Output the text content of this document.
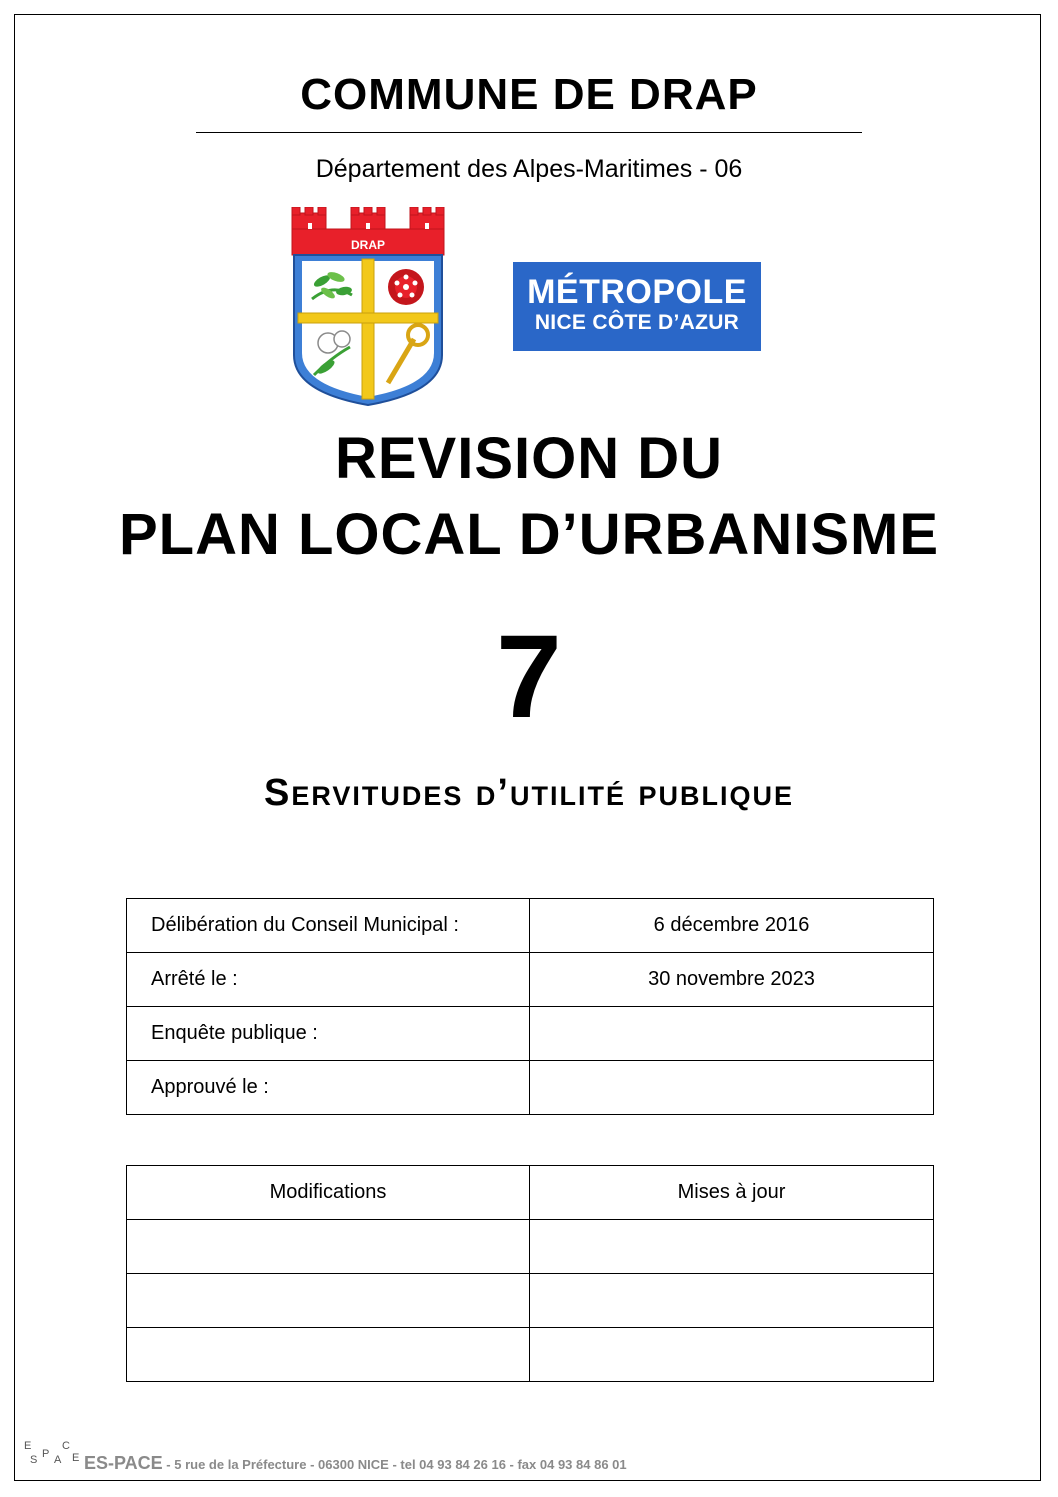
COMMUNE DE DRAP
Département des Alpes-Maritimes - 06
DRAP
MÉTROPOLE
NICE CÔTE D’AZUR
REVISION DU
PLAN LOCAL D’URBANISME
7
Servitudes d’utilité publique
Délibération du Conseil Municipal :	6 décembre 2016
Arrêté le :	30 novembre 2023
Enquête publique :	
Approuvé le :	
Modifications	Mises à jour

E
S P A
C
E ES-PACE - 5 rue de la Préfecture - 06300 NICE - tel 04 93 84 26 16 - fax 04 93 84 86 01
